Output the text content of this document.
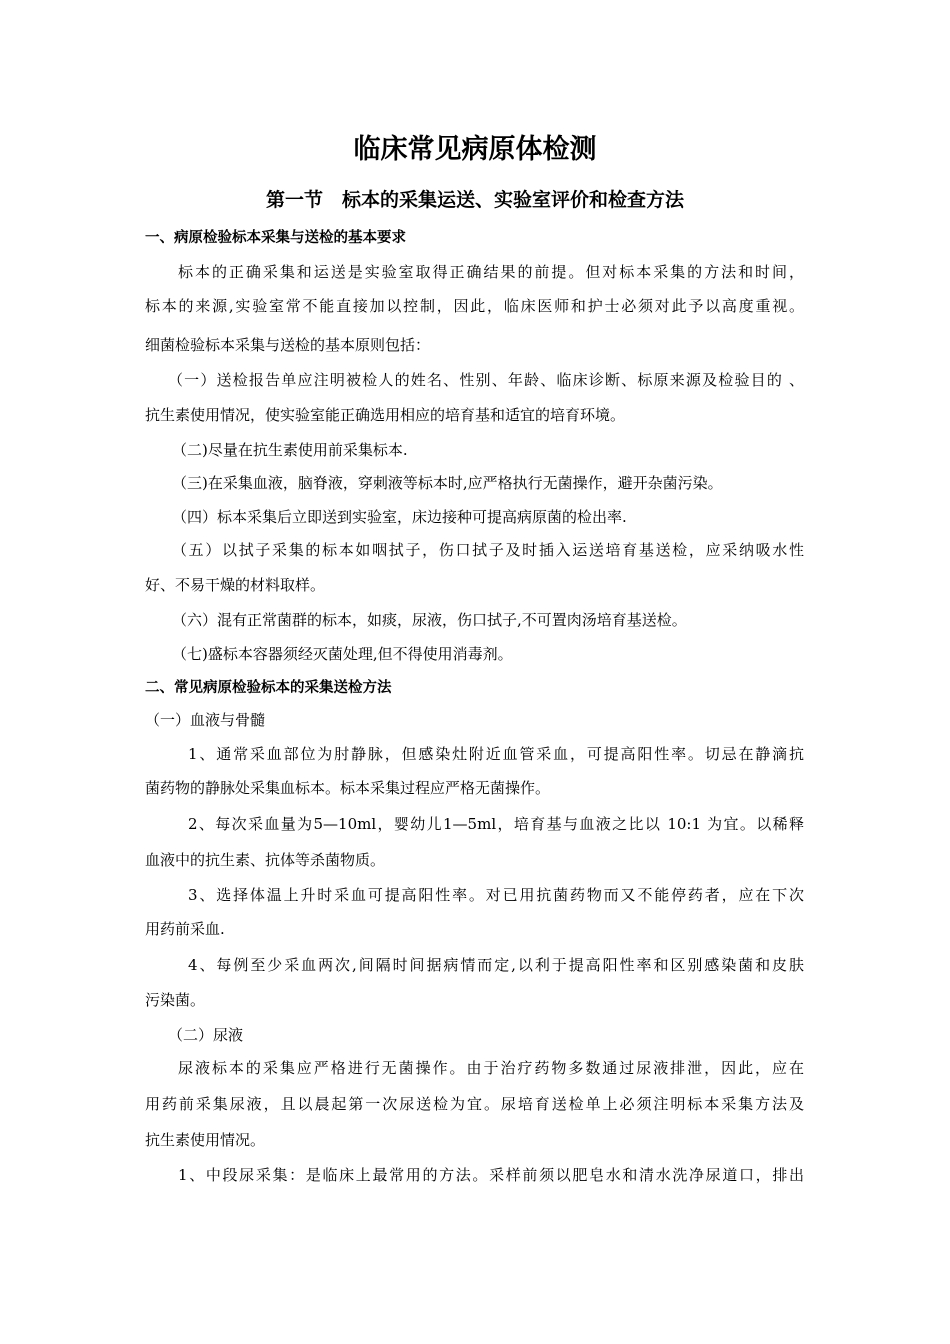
临床常见病原体检测
第一节　标本的采集运送、实验室评价和检查方法
一、病原检验标本采集与送检的基本要求
标本的正确采集和运送是实验室取得正确结果的前提。但对标本采集的方法和时间，
标本的来源,实验室常不能直接加以控制，因此，临床医师和护士必须对此予以高度重视。
细菌检验标本采集与送检的基本原则包括：
（一）送检报告单应注明被检人的姓名、性别、年龄、临床诊断、标原来源及检验目的 、
抗生素使用情况，使实验室能正确选用相应的培育基和适宜的培育环境。
（二)尽量在抗生素使用前采集标本.
（三)在采集血液，脑脊液，穿刺液等标本时,应严格执行无菌操作，避开杂菌污染。
（四）标本采集后立即送到实验室，床边接种可提高病原菌的检出率.
（五）以拭子采集的标本如咽拭子，伤口拭子及时插入运送培育基送检，应采纳吸水性
好、不易干燥的材料取样。
（六）混有正常菌群的标本，如痰，尿液，伤口拭子,不可置肉汤培育基送检。
（七)盛标本容器须经灭菌处理,但不得使用消毒剂。
二、常见病原检验标本的采集送检方法
（一）血液与骨髓
1、通常采血部位为肘静脉，但感染灶附近血管采血，可提高阳性率。切忌在静滴抗
菌药物的静脉处采集血标本。标本采集过程应严格无菌操作。
2、每次采血量为5—10ml，婴幼儿1—5ml，培育基与血液之比以 10:1 为宜。以稀释
血液中的抗生素、抗体等杀菌物质。
3、选择体温上升时采血可提高阳性率。对已用抗菌药物而又不能停药者，应在下次
用药前采血.
4、每例至少采血两次,间隔时间据病情而定,以利于提高阳性率和区别感染菌和皮肤
污染菌。
（二）尿液
尿液标本的采集应严格进行无菌操作。由于治疗药物多数通过尿液排泄，因此，应在
用药前采集尿液，且以晨起第一次尿送检为宜。尿培育送检单上必须注明标本采集方法及
抗生素使用情况。
1、中段尿采集：是临床上最常用的方法。采样前须以肥皂水和清水洗净尿道口，排出
